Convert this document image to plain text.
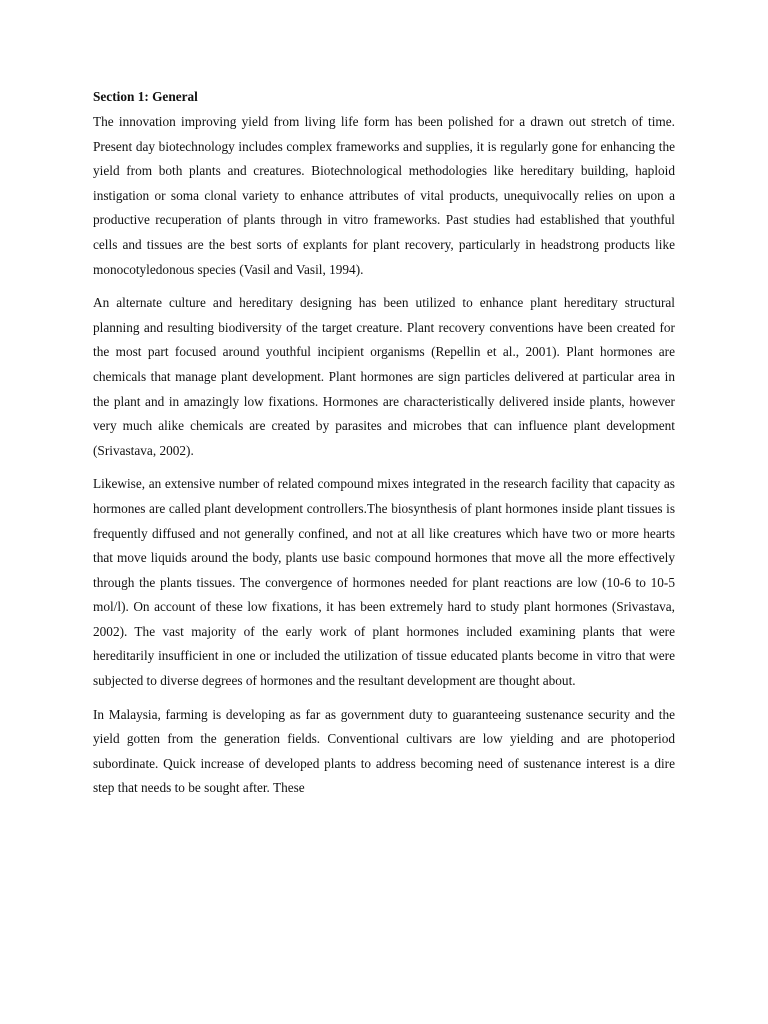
Section 1: General

The innovation improving yield from living life form has been polished for a drawn out stretch of time. Present day biotechnology includes complex frameworks and supplies, it is regularly gone for enhancing the yield from both plants and creatures. Biotechnological methodologies like hereditary building, haploid instigation or soma clonal variety to enhance attributes of vital products, unequivocally relies on upon a productive recuperation of plants through in vitro frameworks. Past studies had established that youthful cells and tissues are the best sorts of explants for plant recovery, particularly in headstrong products like monocotyledonous species (Vasil and Vasil, 1994).

An alternate culture and hereditary designing has been utilized to enhance plant hereditary structural planning and resulting biodiversity of the target creature. Plant recovery conventions have been created for the most part focused around youthful incipient organisms (Repellin et al., 2001). Plant hormones are chemicals that manage plant development. Plant hormones are sign particles delivered at particular area in the plant and in amazingly low fixations. Hormones are characteristically delivered inside plants, however very much alike chemicals are created by parasites and microbes that can influence plant development (Srivastava, 2002).

Likewise, an extensive number of related compound mixes integrated in the research facility that capacity as hormones are called plant development controllers.The biosynthesis of plant hormones inside plant tissues is frequently diffused and not generally confined, and not at all like creatures which have two or more hearts that move liquids around the body, plants use basic compound hormones that move all the more effectively through the plants tissues. The convergence of hormones needed for plant reactions are low (10-6 to 10-5 mol/l). On account of these low fixations, it has been extremely hard to study plant hormones (Srivastava, 2002). The vast majority of the early work of plant hormones included examining plants that were hereditarily insufficient in one or included the utilization of tissue educated plants become in vitro that were subjected to diverse degrees of hormones and the resultant development are thought about.

In Malaysia, farming is developing as far as government duty to guaranteeing sustenance security and the yield gotten from the generation fields. Conventional cultivars are low yielding and are photoperiod subordinate. Quick increase of developed plants to address becoming need of sustenance interest is a dire step that needs to be sought after. These
